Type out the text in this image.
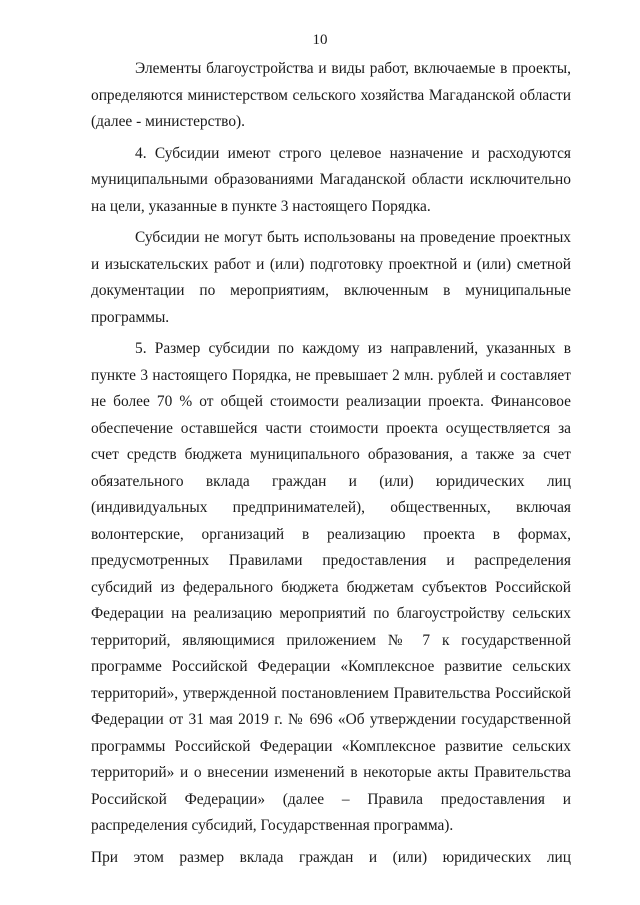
10

Элементы благоустройства и виды работ, включаемые в проекты, определяются министерством сельского хозяйства Магаданской области (далее - министерство).

4. Субсидии имеют строго целевое назначение и расходуются муниципальными образованиями Магаданской области исключительно на цели, указанные в пункте 3 настоящего Порядка.

Субсидии не могут быть использованы на проведение проектных и изыскательских работ и (или) подготовку проектной и (или) сметной документации по мероприятиям, включенным в муниципальные программы.

5. Размер субсидии по каждому из направлений, указанных в пункте 3 настоящего Порядка, не превышает 2 млн. рублей и составляет не более 70 % от общей стоимости реализации проекта. Финансовое обеспечение оставшейся части стоимости проекта осуществляется за счет средств бюджета муниципального образования, а также за счет обязательного вклада граждан и (или) юридических лиц (индивидуальных предпринимателей), общественных, включая волонтерские, организаций в реализацию проекта в формах, предусмотренных Правилами предоставления и распределения субсидий из федерального бюджета бюджетам субъектов Российской Федерации на реализацию мероприятий по благоустройству сельских территорий, являющимися приложением № 7 к государственной программе Российской Федерации «Комплексное развитие сельских территорий», утвержденной постановлением Правительства Российской Федерации от 31 мая 2019 г. № 696 «Об утверждении государственной программы Российской Федерации «Комплексное развитие сельских территорий» и о внесении изменений в некоторые акты Правительства Российской Федерации» (далее – Правила предоставления и распределения субсидий, Государственная программа).

При этом размер вклада граждан и (или) юридических лиц
